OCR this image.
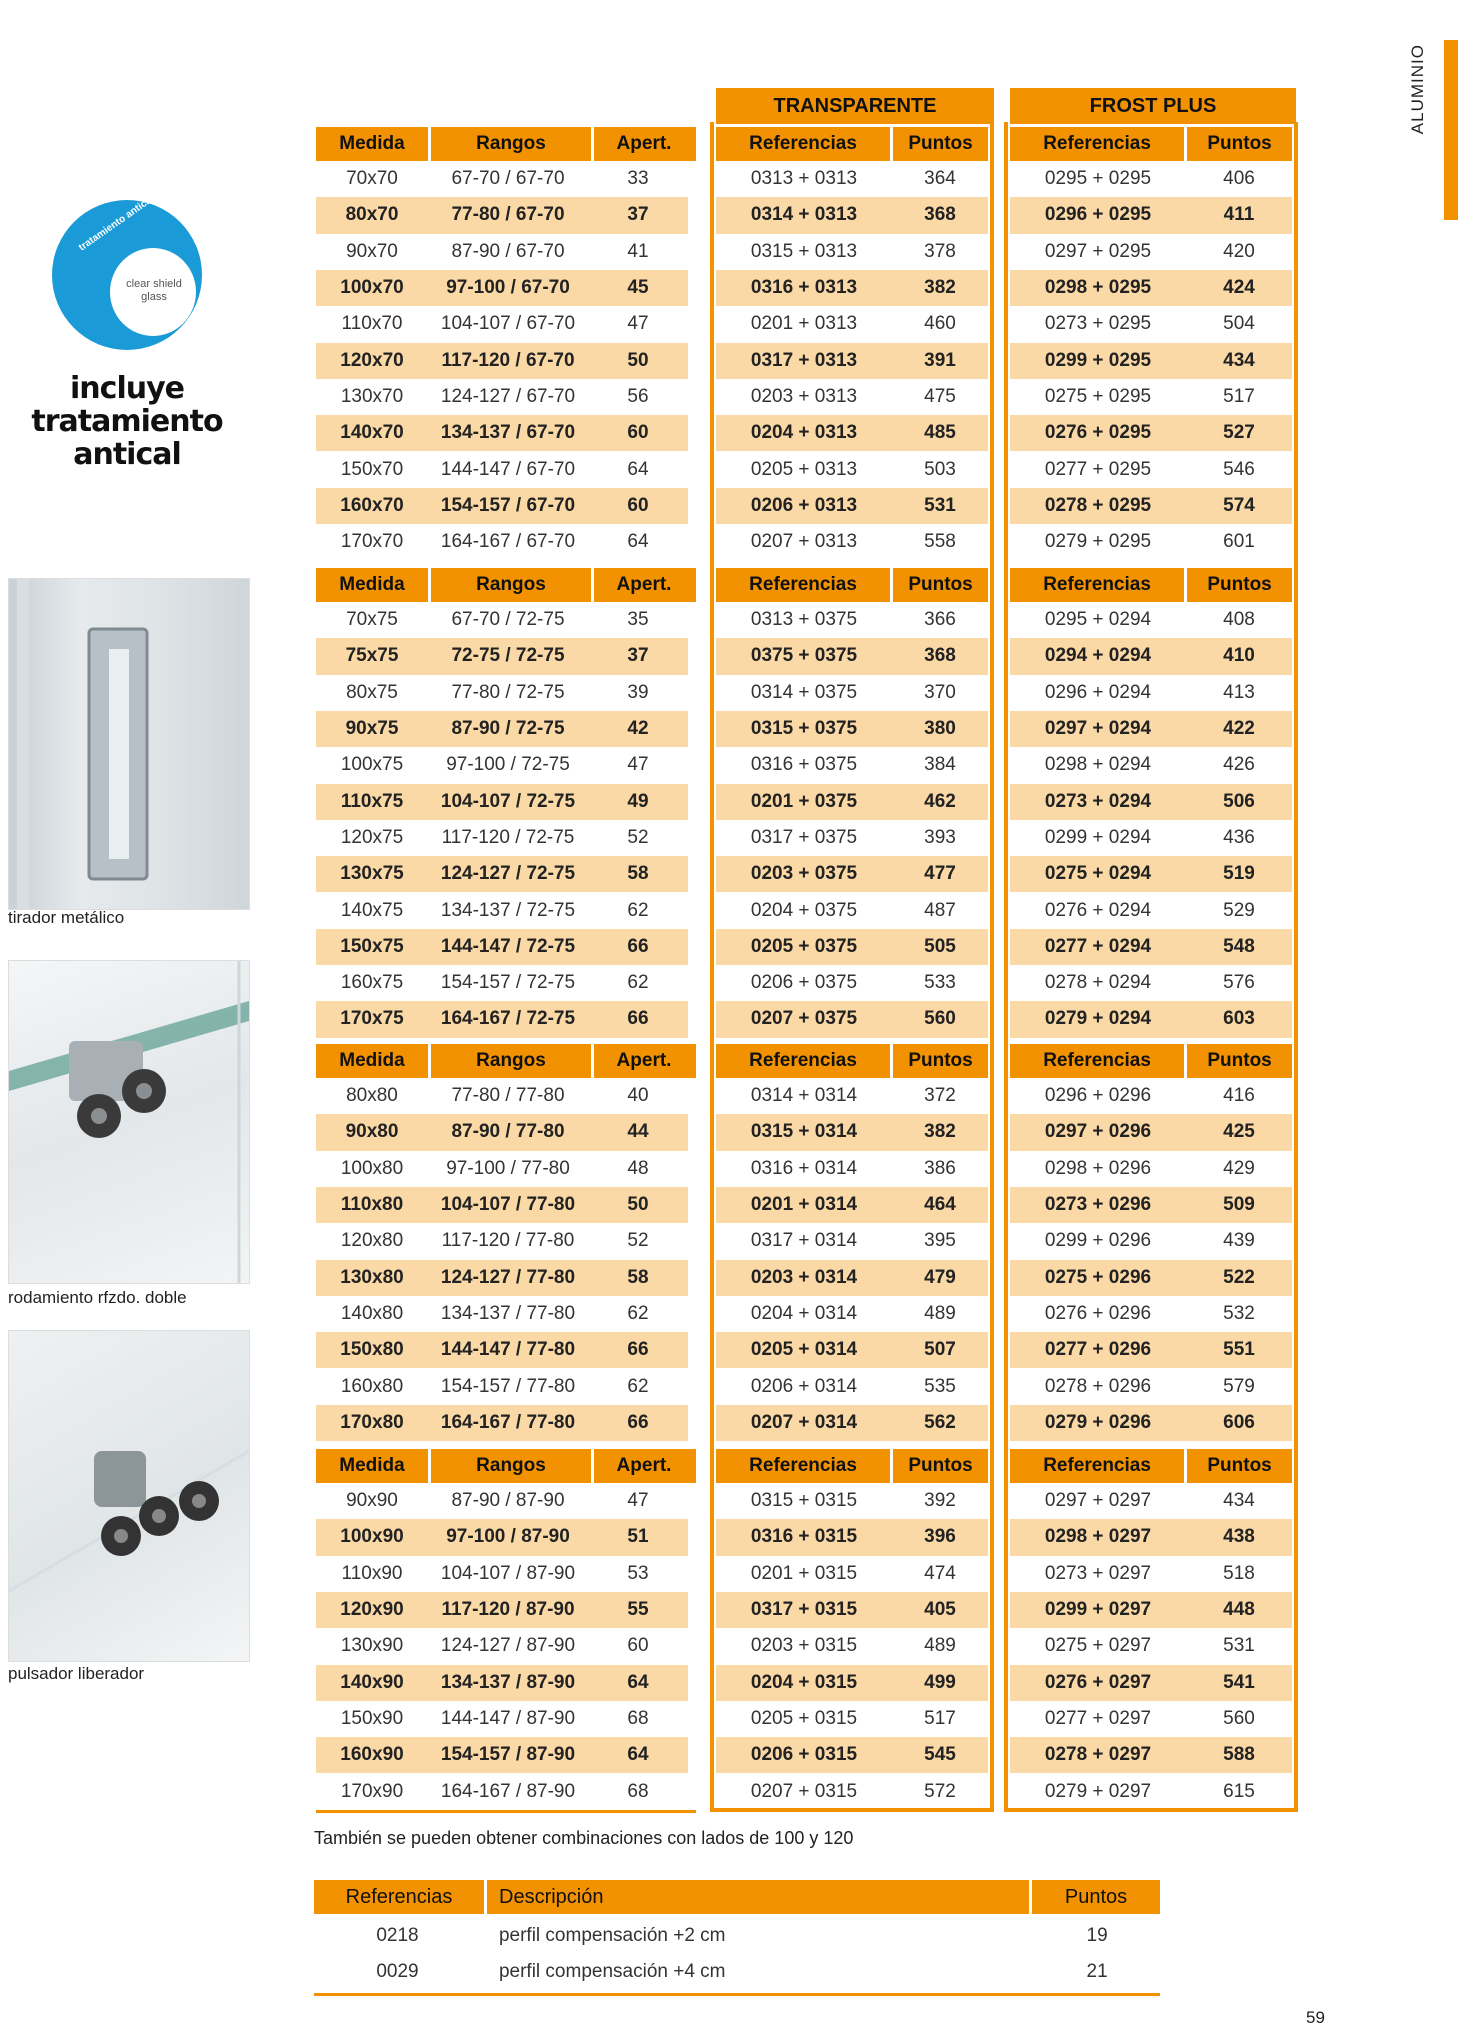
ALUMINIO
tratamiento antical
clear shield glass
incluye tratamiento antical
tirador metálico
rodamiento rfzdo. doble
pulsador liberador
TRANSPARENTE	FROST PLUS
Medida	Rangos	Apert.	Referencias	Puntos	Referencias	Puntos
70x70	67-70 / 67-70	33	0313 + 0313	364	0295 + 0295	406
80x70	77-80 / 67-70	37	0314 + 0313	368	0296 + 0295	411
90x70	87-90 / 67-70	41	0315 + 0313	378	0297 + 0295	420
100x70	97-100 / 67-70	45	0316 + 0313	382	0298 + 0295	424
110x70	104-107 / 67-70	47	0201 + 0313	460	0273 + 0295	504
120x70	117-120 / 67-70	50	0317 + 0313	391	0299 + 0295	434
130x70	124-127 / 67-70	56	0203 + 0313	475	0275 + 0295	517
140x70	134-137 / 67-70	60	0204 + 0313	485	0276 + 0295	527
150x70	144-147 / 67-70	64	0205 + 0313	503	0277 + 0295	546
160x70	154-157 / 67-70	60	0206 + 0313	531	0278 + 0295	574
170x70	164-167 / 67-70	64	0207 + 0313	558	0279 + 0295	601
Medida	Rangos	Apert.	Referencias	Puntos	Referencias	Puntos
70x75	67-70 / 72-75	35	0313 + 0375	366	0295 + 0294	408
75x75	72-75 / 72-75	37	0375 + 0375	368	0294 + 0294	410
80x75	77-80 / 72-75	39	0314 + 0375	370	0296 + 0294	413
90x75	87-90 / 72-75	42	0315 + 0375	380	0297 + 0294	422
100x75	97-100 / 72-75	47	0316 + 0375	384	0298 + 0294	426
110x75	104-107 / 72-75	49	0201 + 0375	462	0273 + 0294	506
120x75	117-120 / 72-75	52	0317 + 0375	393	0299 + 0294	436
130x75	124-127 / 72-75	58	0203 + 0375	477	0275 + 0294	519
140x75	134-137 / 72-75	62	0204 + 0375	487	0276 + 0294	529
150x75	144-147 / 72-75	66	0205 + 0375	505	0277 + 0294	548
160x75	154-157 / 72-75	62	0206 + 0375	533	0278 + 0294	576
170x75	164-167 / 72-75	66	0207 + 0375	560	0279 + 0294	603
Medida	Rangos	Apert.	Referencias	Puntos	Referencias	Puntos
80x80	77-80 / 77-80	40	0314 + 0314	372	0296 + 0296	416
90x80	87-90 / 77-80	44	0315 + 0314	382	0297 + 0296	425
100x80	97-100 / 77-80	48	0316 + 0314	386	0298 + 0296	429
110x80	104-107 / 77-80	50	0201 + 0314	464	0273 + 0296	509
120x80	117-120 / 77-80	52	0317 + 0314	395	0299 + 0296	439
130x80	124-127 / 77-80	58	0203 + 0314	479	0275 + 0296	522
140x80	134-137 / 77-80	62	0204 + 0314	489	0276 + 0296	532
150x80	144-147 / 77-80	66	0205 + 0314	507	0277 + 0296	551
160x80	154-157 / 77-80	62	0206 + 0314	535	0278 + 0296	579
170x80	164-167 / 77-80	66	0207 + 0314	562	0279 + 0296	606
Medida	Rangos	Apert.	Referencias	Puntos	Referencias	Puntos
90x90	87-90 / 87-90	47	0315 + 0315	392	0297 + 0297	434
100x90	97-100 / 87-90	51	0316 + 0315	396	0298 + 0297	438
110x90	104-107 / 87-90	53	0201 + 0315	474	0273 + 0297	518
120x90	117-120 / 87-90	55	0317 + 0315	405	0299 + 0297	448
130x90	124-127 / 87-90	60	0203 + 0315	489	0275 + 0297	531
140x90	134-137 / 87-90	64	0204 + 0315	499	0276 + 0297	541
150x90	144-147 / 87-90	68	0205 + 0315	517	0277 + 0297	560
160x90	154-157 / 87-90	64	0206 + 0315	545	0278 + 0297	588
170x90	164-167 / 87-90	68	0207 + 0315	572	0279 + 0297	615
También se pueden obtener combinaciones con lados de 100 y 120
Referencias	Descripción	Puntos
0218	perfil compensación +2 cm	19
0029	perfil compensación +4 cm	21
59
